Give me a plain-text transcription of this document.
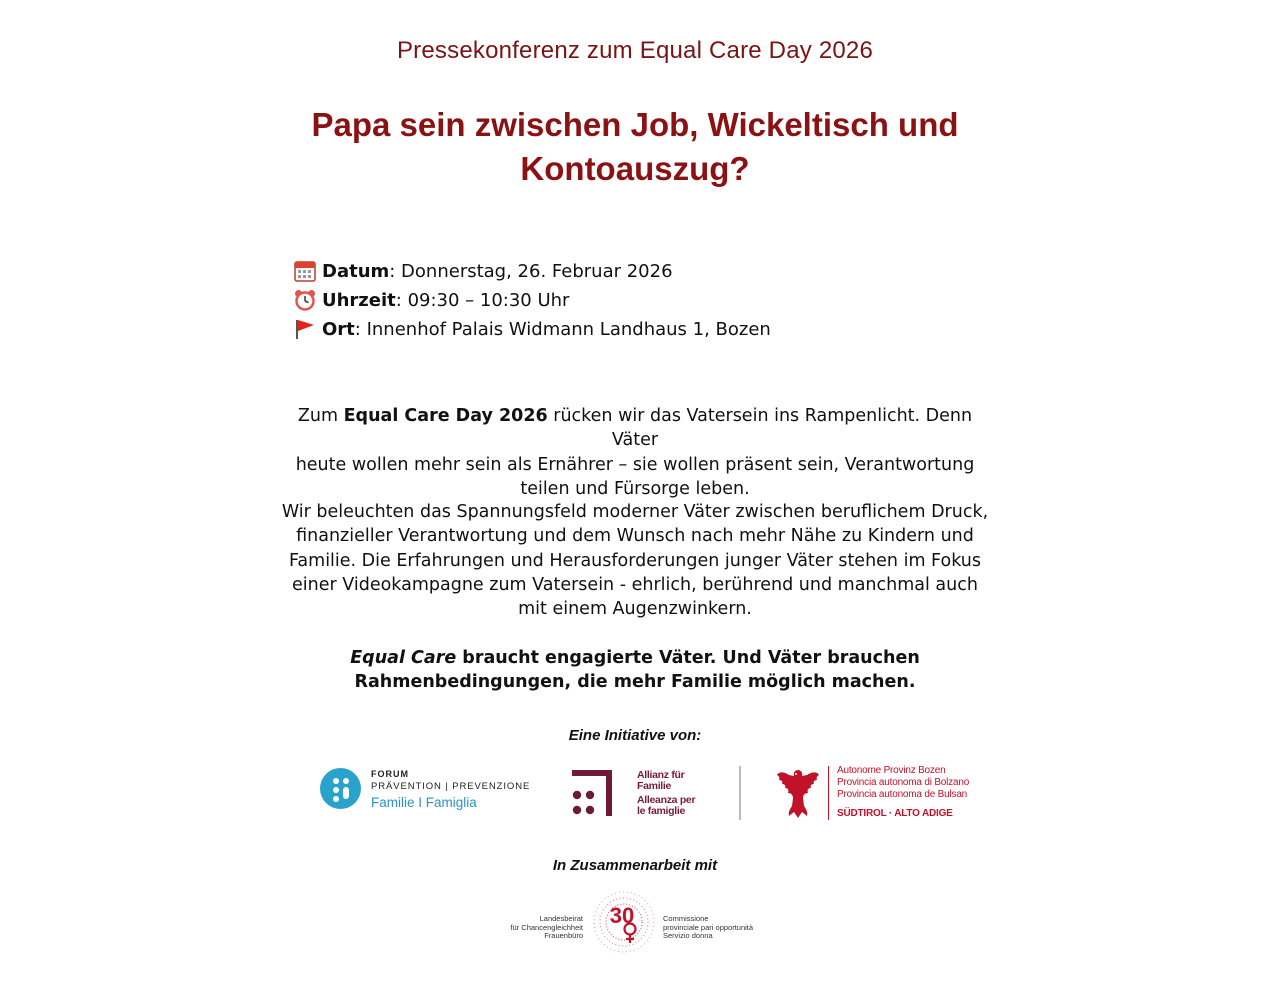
Pressekonferenz zum Equal Care Day 2026
Papa sein zwischen Job, Wickeltisch und
Kontoauszug?
Datum: Donnerstag, 26. Februar 2026
Uhrzeit: 09:30 – 10:30 Uhr
Ort: Innenhof Palais Widmann Landhaus 1, Bozen
Zum Equal Care Day 2026 rücken wir das Vatersein ins Rampenlicht. Denn Väter
heute wollen mehr sein als Ernährer – sie wollen präsent sein, Verantwortung
teilen und Fürsorge leben.
Wir beleuchten das Spannungsfeld moderner Väter zwischen beruflichem Druck,
finanzieller Verantwortung und dem Wunsch nach mehr Nähe zu Kindern und
Familie. Die Erfahrungen und Herausforderungen junger Väter stehen im Fokus
einer Videokampagne zum Vatersein - ehrlich, berührend und manchmal auch
mit einem Augenzwinkern.
Equal Care braucht engagierte Väter. Und Väter brauchen
Rahmenbedingungen, die mehr Familie möglich machen.
Eine Initiative von:
FORUM
PRÄVENTION | PREVENZIONE
Familie I Famiglia
Allianz für
Familie
Alleanza per
le famiglie
Autonome Provinz Bozen
Provincia autonoma di Bolzano
Provincia autonoma de Bulsan
SÜDTIROL · ALTO ADIGE
In Zusammenarbeit mit
Landesbeirat
für Chancengleichheit
Frauenbüro
30	Commissione
provinciale pari opportunità
Servizio donna
